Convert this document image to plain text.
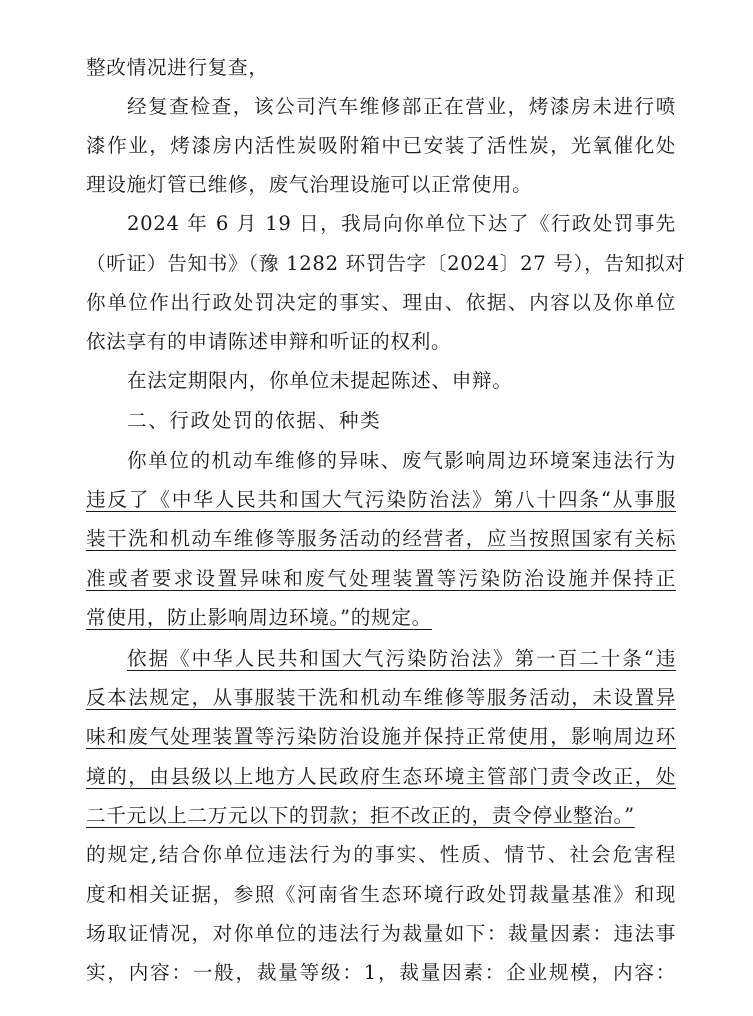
整改情况进行复查，
经复查检查，该公司汽车维修部正在营业，烤漆房未进行喷
漆作业，烤漆房内活性炭吸附箱中已安装了活性炭，光氧催化处
理设施灯管已维修，废气治理设施可以正常使用。
2024 年 6 月 19 日，我局向你单位下达了《行政处罚事先
（听证）告知书》（豫 1282 环罚告字〔2024〕27 号），告知拟对
你单位作出行政处罚决定的事实、理由、依据、内容以及你单位
依法享有的申请陈述申辩和听证的权利。
在法定期限内，你单位未提起陈述、申辩。
二、行政处罚的依据、种类
你单位的机动车维修的异味、废气影响周边环境案违法行为
违反了《中华人民共和国大气污染防治法》第八十四条“从事服
装干洗和机动车维修等服务活动的经营者，应当按照国家有关标
准或者要求设置异味和废气处理装置等污染防治设施并保持正
常使用，防止影响周边环境。”的规定。
依据《中华人民共和国大气污染防治法》第一百二十条“违
反本法规定，从事服装干洗和机动车维修等服务活动，未设置异
味和废气处理装置等污染防治设施并保持正常使用，影响周边环
境的，由县级以上地方人民政府生态环境主管部门责令改正，处
二千元以上二万元以下的罚款；拒不改正的，责令停业整治。”
的规定,结合你单位违法行为的事实、性质、情节、社会危害程
度和相关证据，参照《河南省生态环境行政处罚裁量基准》和现
场取证情况，对你单位的违法行为裁量如下：裁量因素：违法事
实，内容：一般，裁量等级：1，裁量因素：企业规模，内容：
